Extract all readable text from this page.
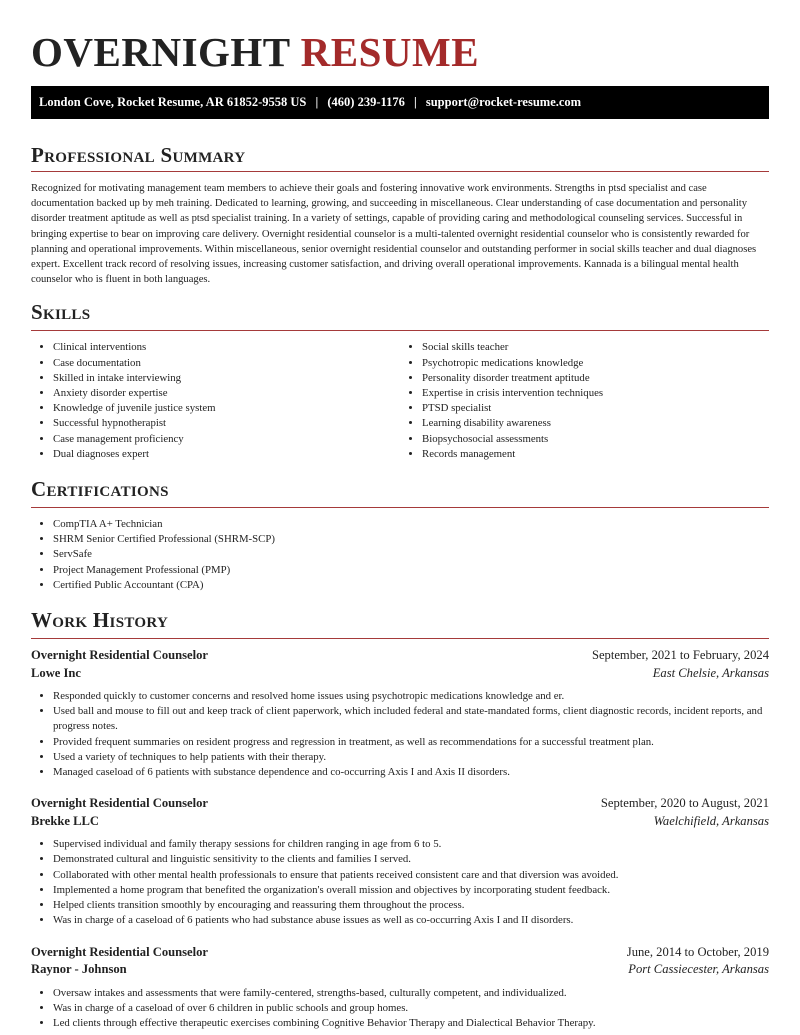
OVERNIGHT RESUME
London Cove, Rocket Resume, AR 61852-9558 US | (460) 239-1176 | support@rocket-resume.com
Professional Summary

Recognized for motivating management team members to achieve their goals and fostering innovative work environments. Strengths in ptsd specialist and case documentation backed up by meh training. Dedicated to learning, growing, and succeeding in miscellaneous. Clear understanding of case documentation and personality disorder treatment aptitude as well as ptsd specialist training. In a variety of settings, capable of providing caring and methodological counseling services. Successful in bringing expertise to bear on improving care delivery. Overnight residential counselor is a multi-talented overnight residential counselor who is consistently rewarded for planning and operational improvements. Within miscellaneous, senior overnight residential counselor and outstanding performer in social skills teacher and dual diagnoses expert. Excellent track record of resolving issues, increasing customer satisfaction, and driving overall operational improvements. Kannada is a bilingual mental health counselor who is fluent in both languages.

Skills
• Clinical interventions
• Case documentation
• Skilled in intake interviewing
• Anxiety disorder expertise
• Knowledge of juvenile justice system
• Successful hypnotherapist
• Case management proficiency
• Dual diagnoses expert
• Social skills teacher
• Psychotropic medications knowledge
• Personality disorder treatment aptitude
• Expertise in crisis intervention techniques
• PTSD specialist
• Learning disability awareness
• Biopsychosocial assessments
• Records management
Certifications
• CompTIA A+ Technician
• SHRM Senior Certified Professional (SHRM-SCP)
• ServSafe
• Project Management Professional (PMP)
• Certified Public Accountant (CPA)
Work History
Overnight Residential Counselor	September, 2021 to February, 2024
Lowe Inc	East Chelsie, Arkansas
• Responded quickly to customer concerns and resolved home issues using psychotropic medications knowledge and er.
• Used ball and mouse to fill out and keep track of client paperwork, which included federal and state-mandated forms, client diagnostic records, incident reports, and progress notes.
• Provided frequent summaries on resident progress and regression in treatment, as well as recommendations for a successful treatment plan.
• Used a variety of techniques to help patients with their therapy.
• Managed caseload of 6 patients with substance dependence and co-occurring Axis I and Axis II disorders.
Overnight Residential Counselor	September, 2020 to August, 2021
Brekke LLC	Waelchifield, Arkansas
• Supervised individual and family therapy sessions for children ranging in age from 6 to 5.
• Demonstrated cultural and linguistic sensitivity to the clients and families I served.
• Collaborated with other mental health professionals to ensure that patients received consistent care and that diversion was avoided.
• Implemented a home program that benefited the organization's overall mission and objectives by incorporating student feedback.
• Helped clients transition smoothly by encouraging and reassuring them throughout the process.
• Was in charge of a caseload of 6 patients who had substance abuse issues as well as co-occurring Axis I and II disorders.
Overnight Residential Counselor	June, 2014 to October, 2019
Raynor - Johnson	Port Cassiecester, Arkansas
• Oversaw intakes and assessments that were family-centered, strengths-based, culturally competent, and individualized.
• Was in charge of a caseload of over 6 children in public schools and group homes.
• Led clients through effective therapeutic exercises combining Cognitive Behavior Therapy and Dialectical Behavior Therapy.
